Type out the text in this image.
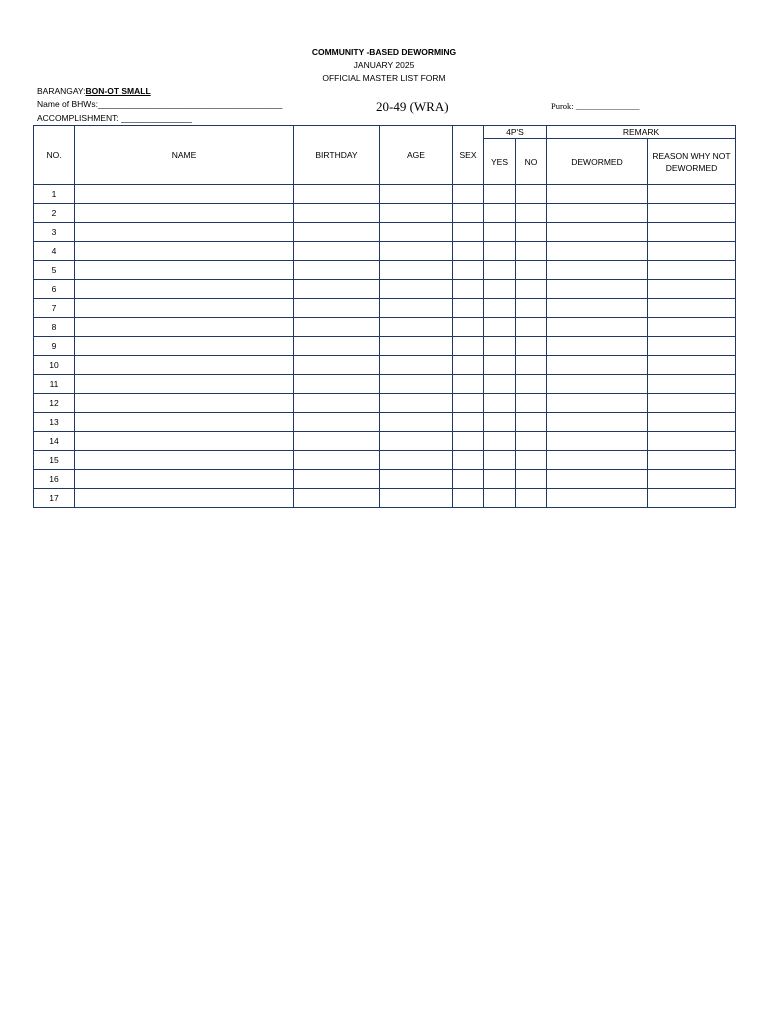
COMMUNITY -BASED DEWORMING
JANUARY 2025
OFFICIAL MASTER LIST FORM
BARANGAY:BON-OT SMALL
Name of BHWs:_______________________________________
ACCOMPLISHMENT: _______________
20-49 (WRA)	Purok: _______________
NO.	NAME	BIRTHDAY	AGE	SEX	4P'S		REMARK	
					YES	NO	DEWORMED	REASON WHY NOT DEWORMED
1								
2								
3								
4								
5								
6								
7								
8								
9								
10								
11								
12								
13								
14								
15								
16								
17								
